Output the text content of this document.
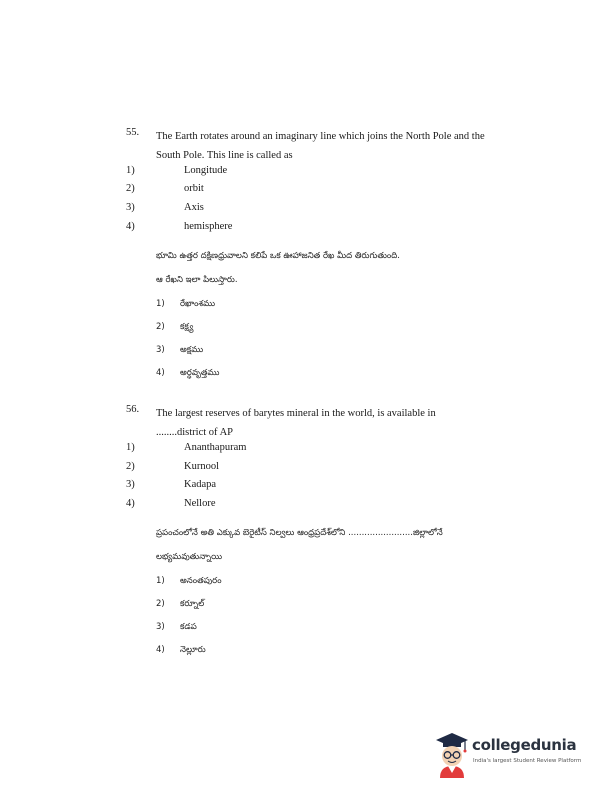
55. The Earth rotates around an imaginary line which joins the North Pole and the South Pole. This line is called as
1)	Longitude
2)	orbit
3)	Axis
4)	hemisphere
భూమి ఉత్తర దక్షిణధ్రువాలని కలిపే ఒక ఊహాజనిత రేఖ మీద తిరుగుతుంది.
ఆ రేఖని ఇలా పిలుస్తారు.
1) రేఖాంశము
2) కక్ష్య
3) అక్షము
4) అర్ధవృత్తము
56. The largest reserves of barytes mineral in the world, is available in
........district of AP
1)	Ananthapuram
2)	Kurnool
3)	Kadapa
4)	Nellore
ప్రపంచంలోనే అతి ఎక్కువ బెరైటీస్ నిల్వలు ఆంధ్రప్రదేశ్‌లోని ........................జిల్లాలోనే
లభ్యమవుతున్నాయి
1) అనంతపురం
2) కర్నూల్
3) కడప
4) నెల్లూరు
collegedunia
India's largest Student Review Platform
